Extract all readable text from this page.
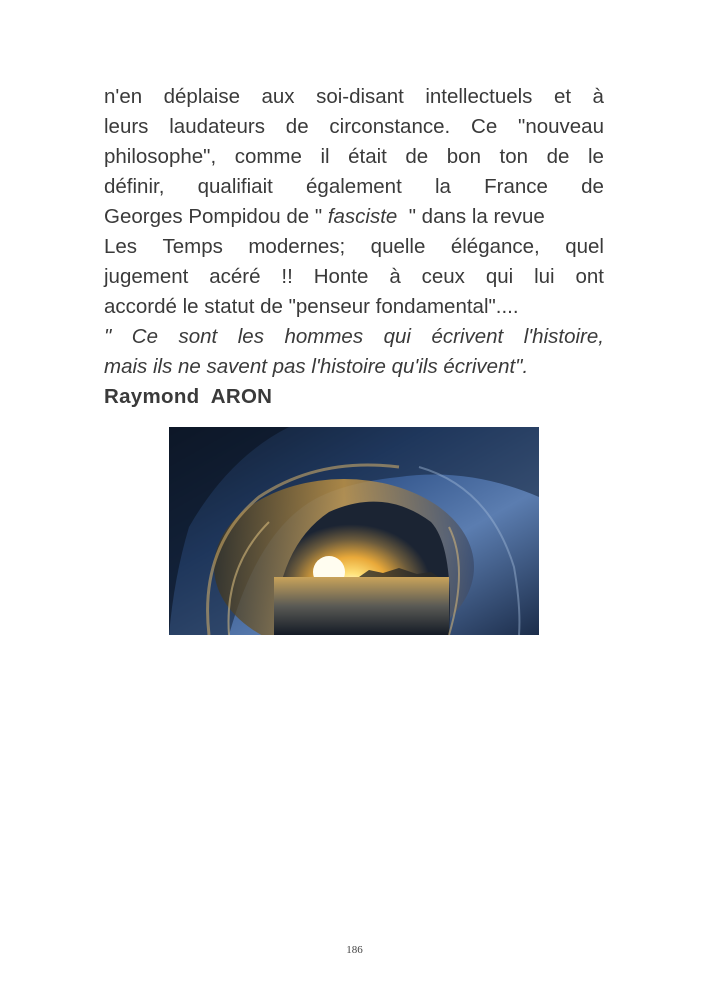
n'en déplaise aux soi-disant intellectuels et à
leurs laudateurs de circonstance. Ce "nouveau
philosophe", comme il était de bon ton de le
définir, qualifiait également la France de
Georges Pompidou de " fasciste  " dans la revue
Les Temps modernes; quelle élégance, quel
jugement acéré !! Honte à ceux qui lui ont
accordé le statut de "penseur fondamental"....
" Ce sont les hommes qui écrivent l'histoire,
mais ils ne savent pas l'histoire qu'ils écrivent".
Raymond  ARON
186
